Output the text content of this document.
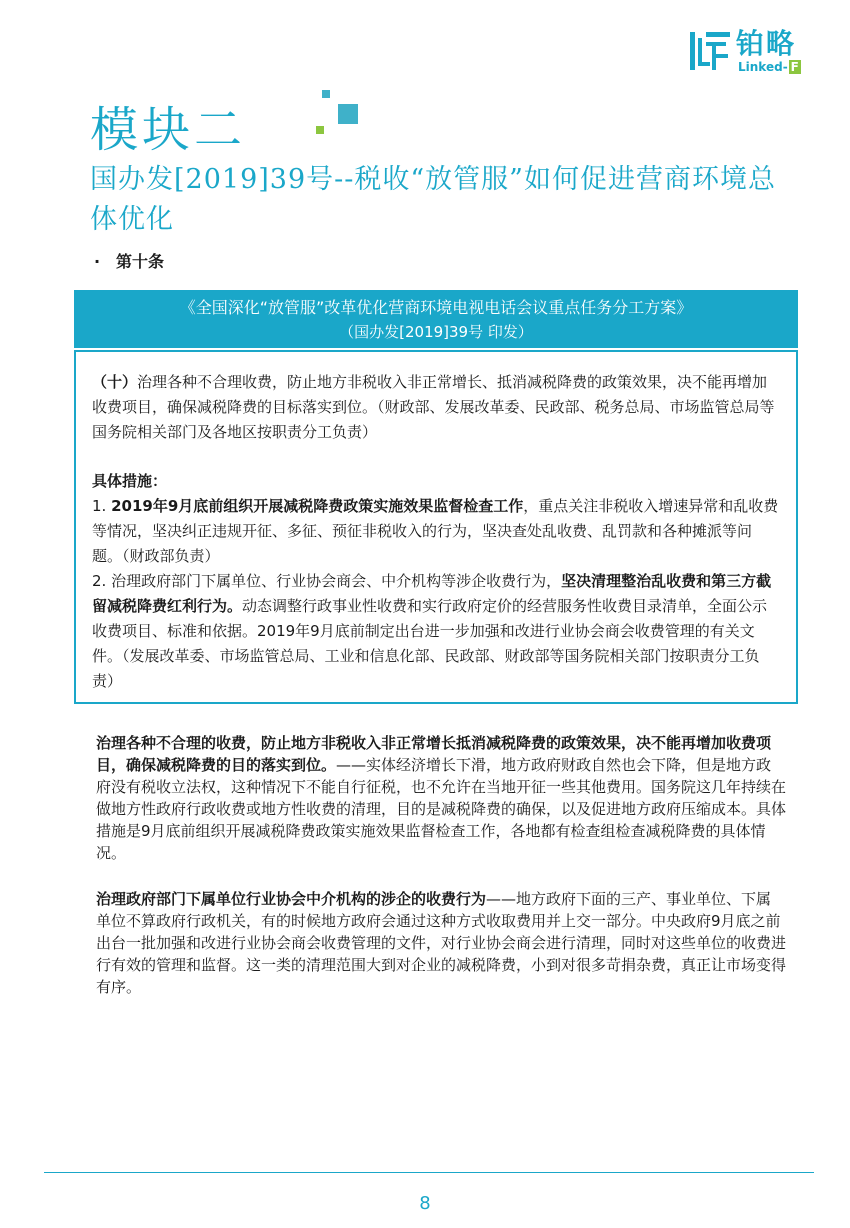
铂略
Linked- F
模块二
国办发[2019]39号--税收“放管服”如何促进营商环境总体优化
· 第十条
《全国深化“放管服”改革优化营商环境电视电话会议重点任务分工方案》
（国办发[2019]39号 印发）

（十）治理各种不合理收费，防止地方非税收入非正常增长、抵消减税降费的政策效果，决不能再增加收费项目，确保减税降费的目标落实到位。（财政部、发展改革委、民政部、税务总局、市场监管总局等国务院相关部门及各地区按职责分工负责）

具体措施：

1. 2019年9月底前组织开展减税降费政策实施效果监督检查工作，重点关注非税收入增速异常和乱收费等情况，坚决纠正违规开征、多征、预征非税收入的行为，坚决查处乱收费、乱罚款和各种摊派等问题。（财政部负责）

2. 治理政府部门下属单位、行业协会商会、中介机构等涉企收费行为，坚决清理整治乱收费和第三方截留减税降费红利行为。动态调整行政事业性收费和实行政府定价的经营服务性收费目录清单，全面公示收费项目、标准和依据。2019年9月底前制定出台进一步加强和改进行业协会商会收费管理的有关文件。（发展改革委、市场监管总局、工业和信息化部、民政部、财政部等国务院相关部门按职责分工负责）

治理各种不合理的收费，防止地方非税收入非正常增长抵消减税降费的政策效果，决不能再增加收费项目，确保减税降费的目的落实到位。——实体经济增长下滑，地方政府财政自然也会下降，但是地方政府没有税收立法权，这种情况下不能自行征税，也不允许在当地开征一些其他费用。国务院这几年持续在做地方性政府行政收费或地方性收费的清理，目的是减税降费的确保，以及促进地方政府压缩成本。具体措施是9月底前组织开展减税降费政策实施效果监督检查工作，各地都有检查组检查减税降费的具体情况。

治理政府部门下属单位行业协会中介机构的涉企的收费行为——地方政府下面的三产、事业单位、下属单位不算政府行政机关，有的时候地方政府会通过这种方式收取费用并上交一部分。中央政府9月底之前出台一批加强和改进行业协会商会收费管理的文件，对行业协会商会进行清理，同时对这些单位的收费进行有效的管理和监督。这一类的清理范围大到对企业的减税降费，小到对很多苛捐杂费，真正让市场变得有序。

8
